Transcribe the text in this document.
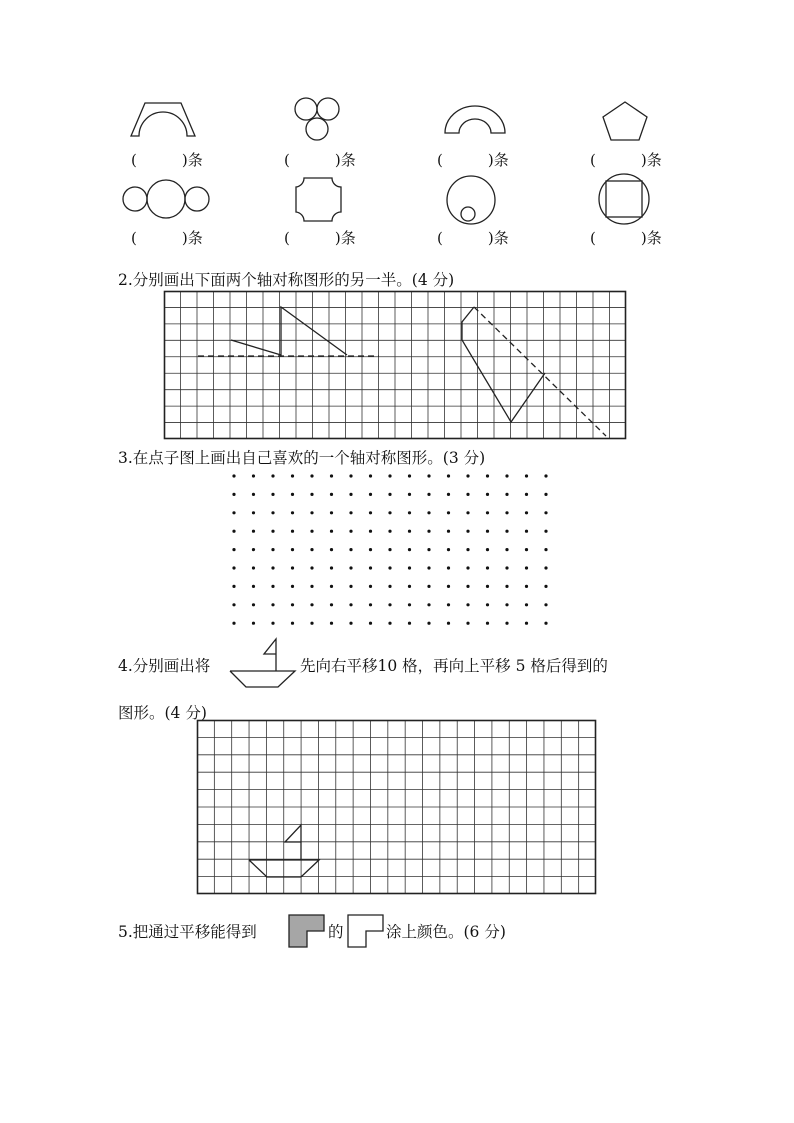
(　　　)条	(　　　)条	(　　　)条	(　　　)条
(　　　)条	(　　　)条	(　　　)条	(　　　)条
2.分别画出下面两个轴对称图形的另一半。(4 分)
3.在点子图上画出自己喜欢的一个轴对称图形。(3 分)
4.分别画出将	先向右平移10 格，再向上平移 5 格后得到的
图形。(4 分)
5.把通过平移能得到	的	涂上颜色。(6 分)
